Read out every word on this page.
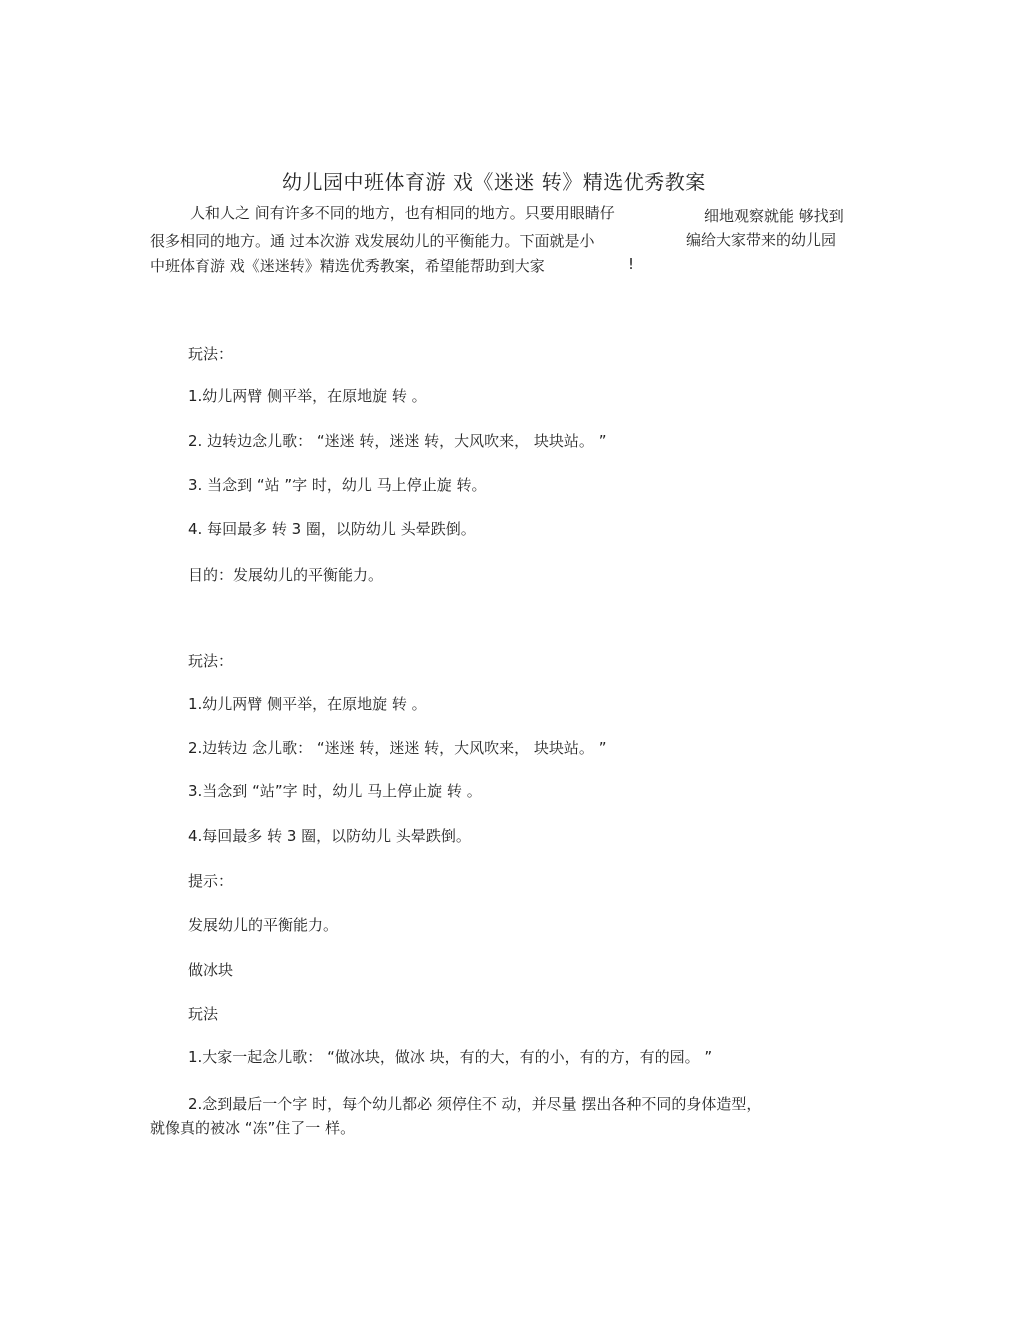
幼儿园中班体育游 戏《迷迷 转》精选优秀教案
人和人之 间有许多不同的地方，也有相同的地方。只要用眼睛仔	细地观察就能 够找到
很多相同的地方。通 过本次游 戏发展幼儿的平衡能力。下面就是小	编给大家带来的幼儿园
中班体育游 戏《迷迷转》精选优秀教案，希望能帮助到大家	!
玩法：
1.幼儿两臂 侧平举，在原地旋 转 。
2. 边转边念儿歌： “迷迷 转，迷迷 转，大风吹来， 块块站。 ”
3. 当念到 “站 ”字 时，幼儿 马上停止旋 转。
4. 每回最多 转 3 圈，以防幼儿 头晕跌倒。
目的：发展幼儿的平衡能力。
玩法：
1.幼儿两臂 侧平举，在原地旋 转 。
2.边转边 念儿歌： “迷迷 转，迷迷 转，大风吹来， 块块站。 ”
3.当念到 “站”字 时，幼儿 马上停止旋 转 。
4.每回最多 转 3 圈，以防幼儿 头晕跌倒。
提示：
发展幼儿的平衡能力。
做冰块
玩法
1.大家一起念儿歌： “做冰块，做冰 块，有的大，有的小，有的方，有的园。 ”
2.念到最后一个字 时，每个幼儿都必 须停住不 动，并尽量 摆出各种不同的身体造型，
就像真的被冰 “冻”住了一 样。
